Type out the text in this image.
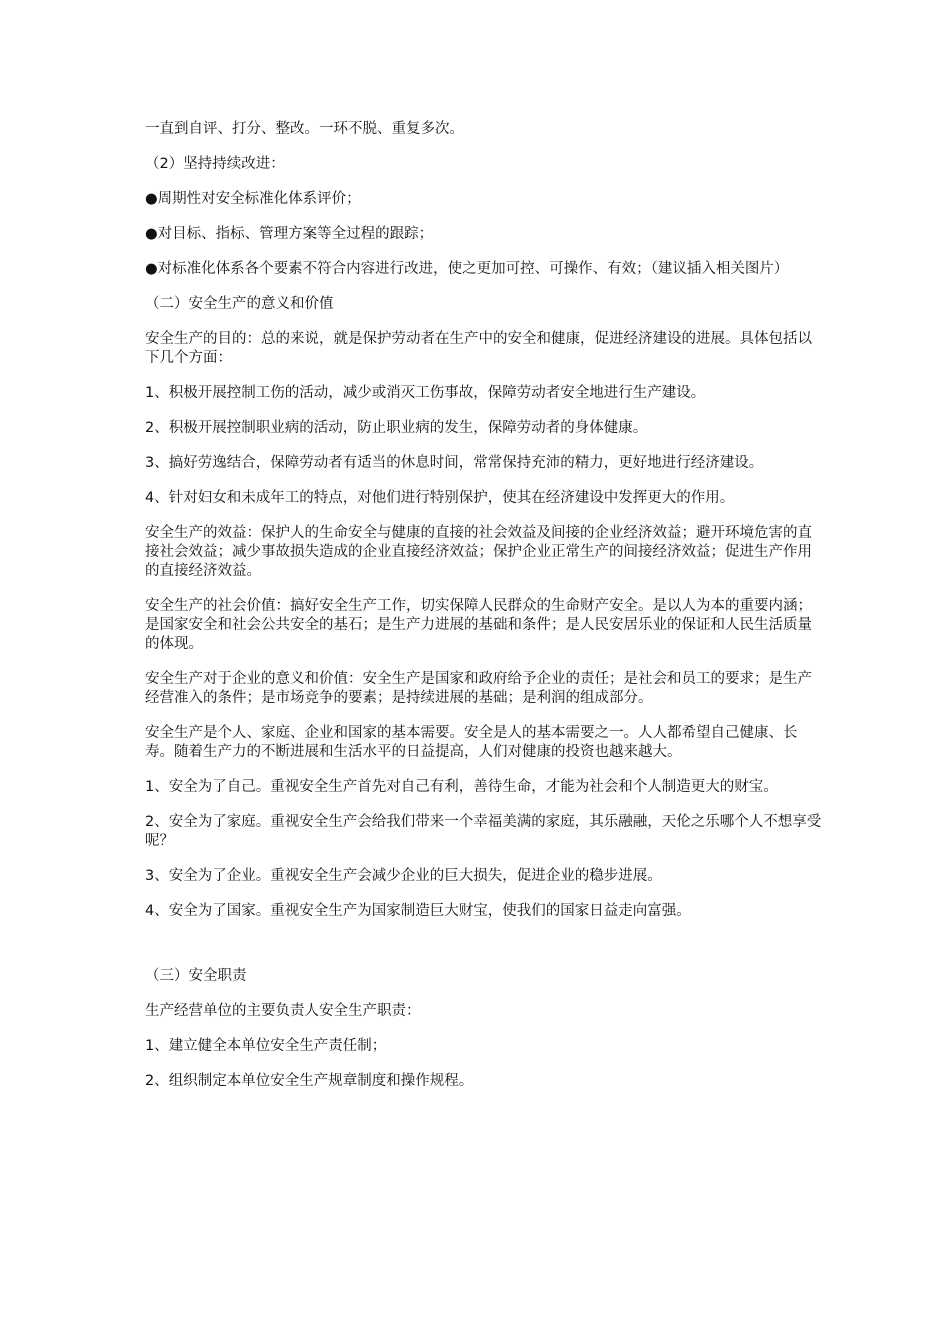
一直到自评、打分、整改。一环不脱、重复多次。

（2）坚持持续改进：

●周期性对安全标准化体系评价；

●对目标、指标、管理方案等全过程的跟踪；

●对标准化体系各个要素不符合内容进行改进，使之更加可控、可操作、有效；（建议插入相关图片）

（二）安全生产的意义和价值

安全生产的目的：总的来说，就是保护劳动者在生产中的安全和健康，促进经济建设的进展。具体包括以下几个方面：

1、积极开展控制工伤的活动，减少或消灭工伤事故，保障劳动者安全地进行生产建设。

2、积极开展控制职业病的活动，防止职业病的发生，保障劳动者的身体健康。

3、搞好劳逸结合，保障劳动者有适当的休息时间，常常保持充沛的精力，更好地进行经济建设。

4、针对妇女和未成年工的特点，对他们进行特别保护，使其在经济建设中发挥更大的作用。

安全生产的效益：保护人的生命安全与健康的直接的社会效益及间接的企业经济效益；避开环境危害的直接社会效益；减少事故损失造成的企业直接经济效益；保护企业正常生产的间接经济效益；促进生产作用的直接经济效益。

安全生产的社会价值：搞好安全生产工作，切实保障人民群众的生命财产安全。是以人为本的重要内涵；是国家安全和社会公共安全的基石；是生产力进展的基础和条件；是人民安居乐业的保证和人民生活质量的体现。

安全生产对于企业的意义和价值：安全生产是国家和政府给予企业的责任；是社会和员工的要求；是生产经营准入的条件；是市场竞争的要素；是持续进展的基础；是利润的组成部分。

安全生产是个人、家庭、企业和国家的基本需要。安全是人的基本需要之一。人人都希望自己健康、长寿。随着生产力的不断进展和生活水平的日益提高，人们对健康的投资也越来越大。

1、安全为了自己。重视安全生产首先对自己有利，善待生命，才能为社会和个人制造更大的财宝。

2、安全为了家庭。重视安全生产会给我们带来一个幸福美满的家庭，其乐融融，天伦之乐哪个人不想享受呢？

3、安全为了企业。重视安全生产会减少企业的巨大损失，促进企业的稳步进展。

4、安全为了国家。重视安全生产为国家制造巨大财宝，使我们的国家日益走向富强。

（三）安全职责

生产经营单位的主要负责人安全生产职责：

1、建立健全本单位安全生产责任制；

2、组织制定本单位安全生产规章制度和操作规程。
